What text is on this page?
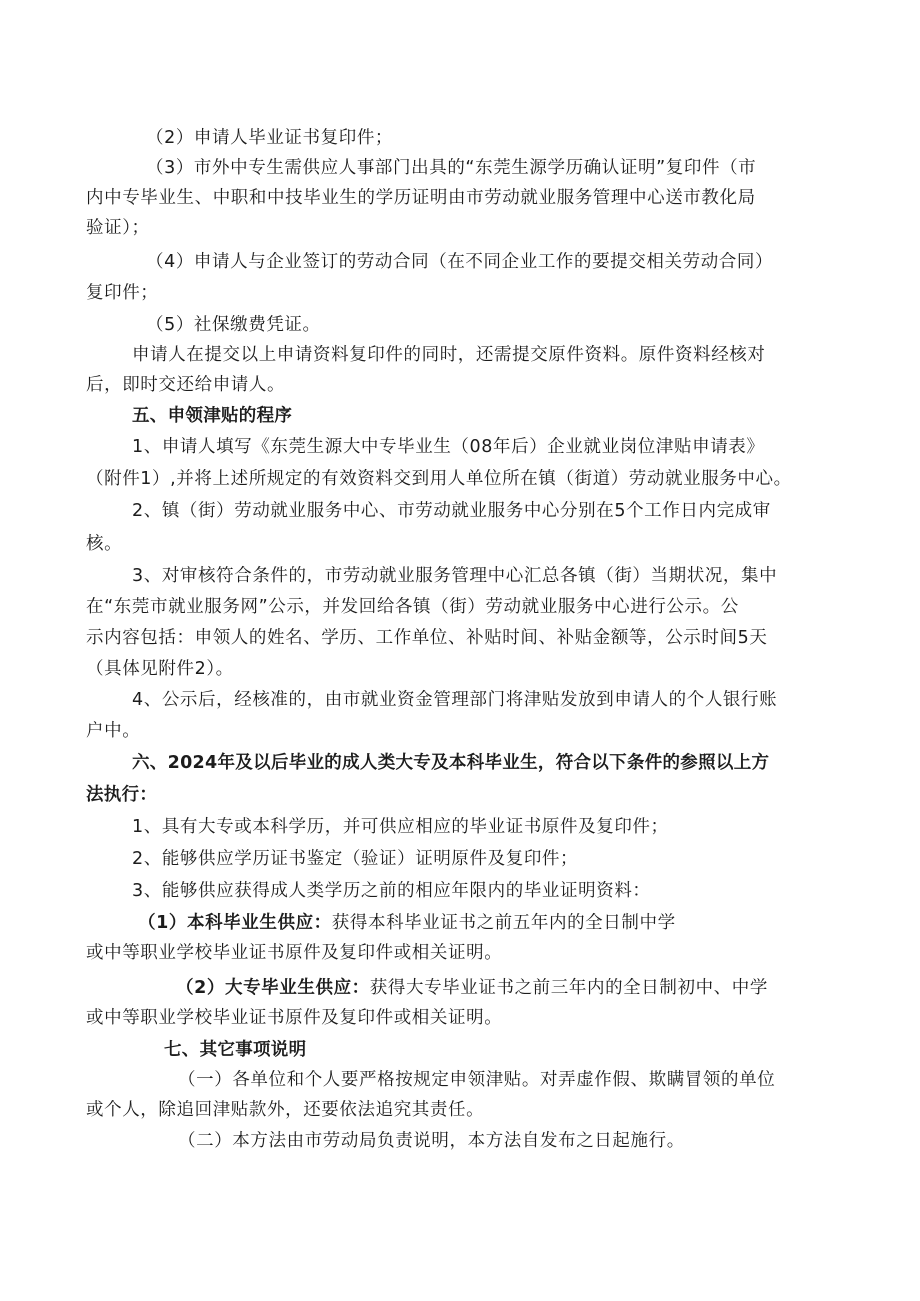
（2）申请人毕业证书复印件；
（3）市外中专生需供应人事部门出具的“东莞生源学历确认证明”复印件（市
内中专毕业生、中职和中技毕业生的学历证明由市劳动就业服务管理中心送市教化局
验证）；
（4）申请人与企业签订的劳动合同（在不同企业工作的要提交相关劳动合同）
复印件；
（5）社保缴费凭证。
申请人在提交以上申请资料复印件的同时，还需提交原件资料。原件资料经核对
后，即时交还给申请人。
五、申领津贴的程序
1、申请人填写《东莞生源大中专毕业生（08年后）企业就业岗位津贴申请表》
（附件1）,并将上述所规定的有效资料交到用人单位所在镇（街道）劳动就业服务中心。
2、镇（街）劳动就业服务中心、市劳动就业服务中心分别在5个工作日内完成审
核。
3、对审核符合条件的，市劳动就业服务管理中心汇总各镇（街）当期状况，集中
在“东莞市就业服务网”公示，并发回给各镇（街）劳动就业服务中心进行公示。公
示内容包括：申领人的姓名、学历、工作单位、补贴时间、补贴金额等，公示时间5天
（具体见附件2）。
4、公示后，经核准的，由市就业资金管理部门将津贴发放到申请人的个人银行账
户中。
六、2024年及以后毕业的成人类大专及本科毕业生，符合以下条件的参照以上方
法执行：
1、具有大专或本科学历，并可供应相应的毕业证书原件及复印件；
2、能够供应学历证书鉴定（验证）证明原件及复印件；
3、能够供应获得成人类学历之前的相应年限内的毕业证明资料：
（1）本科毕业生供应：获得本科毕业证书之前五年内的全日制中学
或中等职业学校毕业证书原件及复印件或相关证明。
（2）大专毕业生供应：获得大专毕业证书之前三年内的全日制初中、中学
或中等职业学校毕业证书原件及复印件或相关证明。
七、其它事项说明
（一）各单位和个人要严格按规定申领津贴。对弄虚作假、欺瞒冒领的单位
或个人，除追回津贴款外，还要依法追究其责任。
（二）本方法由市劳动局负责说明，本方法自发布之日起施行。
